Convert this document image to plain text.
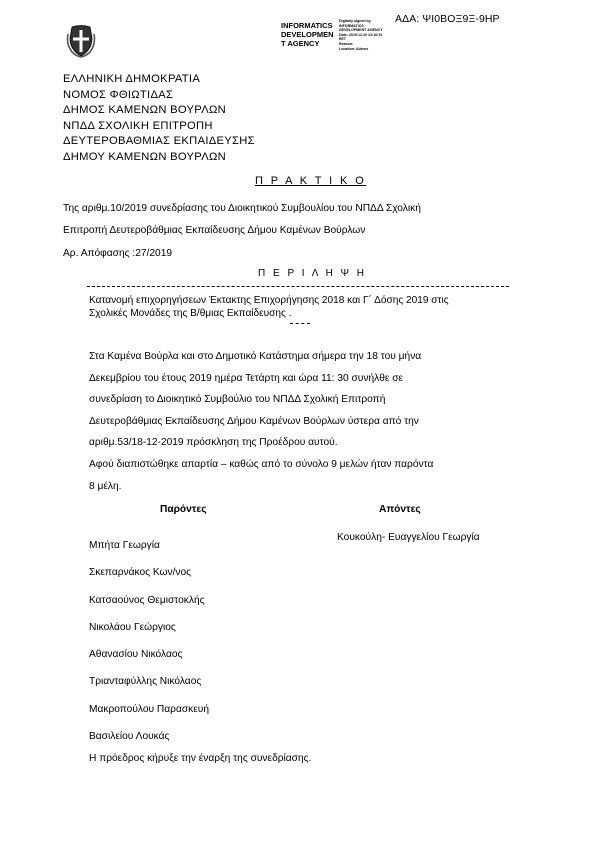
ΑΔΑ: ΨΙ0ΒΟΞ9Ξ-9ΗΡ
INFORMATICS
DEVELOPMEN
T AGENCY
Digitally signed by
INFORMATICS
DEVELOPMENT AGENCY
Date: 2019.12.20 13:16:51
EET
Reason:
Location: Athens
ΕΛΛΗΝΙΚΗ ΔΗΜΟΚΡΑΤΙΑ
ΝΟΜΟΣ ΦΘΙΩΤΙΔΑΣ
ΔΗΜΟΣ ΚΑΜΕΝΩΝ ΒΟΥΡΛΩΝ
ΝΠΔΔ ΣΧΟΛΙΚΗ ΕΠΙΤΡΟΠΗ
ΔΕΥΤΕΡΟΒΑΘΜΙΑΣ ΕΚΠΑΙΔΕΥΣΗΣ
ΔΗΜΟΥ ΚΑΜΕΝΩΝ ΒΟΥΡΛΩΝ
Π Ρ Α Κ Τ Ι Κ Ο
Της αριθμ.10/2019 συνεδρίασης του Διοικητικού Συμβουλίου του ΝΠΔΔ Σχολική
Επιτροπή Δευτεροβάθμιας Εκπαίδευσης Δήμου Καμένων Βούρλων
Αρ. Απόφασης :27/2019
Π Ε Ρ Ι Λ Η Ψ Η
Κατανομή επιχορηγήσεων Έκτακτης Επιχορήγησης 2018 και Γ΄ Δόσης 2019 στις
Σχολικές Μονάδες της Β/θμιας Εκπαίδευσης .
Στα Καμένα Βούρλα και στο Δημοτικό Κατάστημα σήμερα την 18 του μήνα
Δεκεμβρίου του έτους 2019 ημέρα Τετάρτη και ώρα 11: 30 συνήλθε σε
συνεδρίαση το Διοικητικό Συμβούλιο του ΝΠΔΔ Σχολική Επιτροπή
Δευτεροβάθμιας Εκπαίδευσης Δήμου Καμένων Βούρλων ύστερα από την
αριθμ.53/18-12-2019 πρόσκληση της Προέδρου αυτού.
Αφού διαπιστώθηκε απαρτία – καθώς από το σύνολο 9 μελών ήταν παρόντα
8 μέλη.
Παρόντες	Απόντες
Μπήτα Γεωργία
Σκεπαρνάκος Κων/νος
Κατσαούνος Θεμιστοκλής
Νικολάου Γεώργιος
Αθανασίου Νικόλαος
Τριανταφύλλης Νικόλαος
Μακροπούλου Παρασκευή
Βασιλείου Λουκάς
Κουκούλη- Ευαγγελίου Γεωργία
Η πρόεδρος κήρυξε την έναρξη της συνεδρίασης.
